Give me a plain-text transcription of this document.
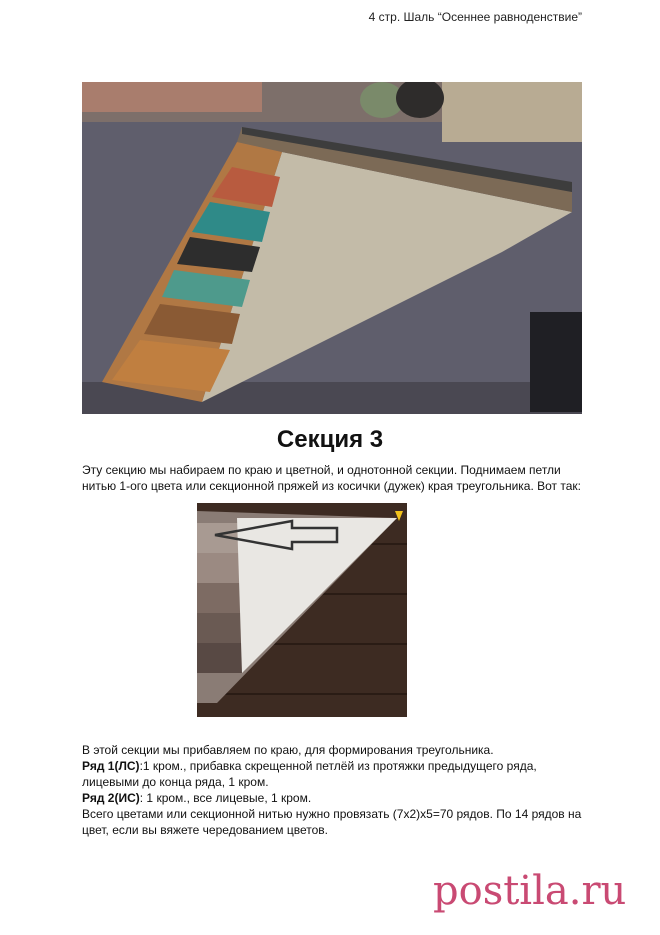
4 стр. Шаль “Осеннее равноденствие”
Секция 3
Эту секцию мы набираем по краю и цветной, и однотонной секции. Поднимаем петли нитью 1-ого цвета или секционной пряжей из косички (дужек) края треугольника. Вот так:
В этой секции мы прибавляем по краю, для формирования треугольника.
Ряд 1(ЛС):1 кром., прибавка скрещенной петлёй из протяжки предыдущего ряда, лицевыми до конца ряда, 1 кром.
Ряд 2(ИС): 1 кром., все лицевые, 1 кром.
Всего цветами или секционной нитью нужно провязать (7х2)х5=70 рядов. По 14 рядов на цвет, если вы вяжете чередованием цветов.
postila.ru
